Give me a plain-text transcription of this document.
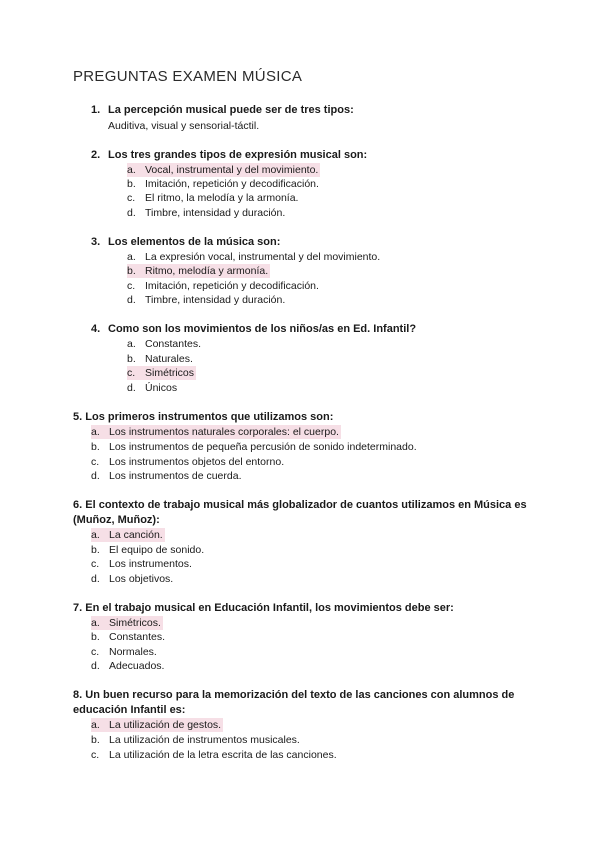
PREGUNTAS EXAMEN MÚSICA
1. La percepción musical puede ser de tres tipos:
Auditiva, visual y sensorial-táctil.
2. Los tres grandes tipos de expresión musical son:
a. Vocal, instrumental y del movimiento.
b. Imitación, repetición y decodificación.
c. El ritmo, la melodía y la armonía.
d. Timbre, intensidad y duración.
3. Los elementos de la música son:
a. La expresión vocal, instrumental y del movimiento.
b. Ritmo, melodía y armonía.
c. Imitación, repetición y decodificación.
d. Timbre, intensidad y duración.
4. Como son los movimientos de los niños/as en Ed. Infantil?
a. Constantes.
b. Naturales.
c. Simétricos
d. Únicos
5. Los primeros instrumentos que utilizamos son:
a. Los instrumentos naturales corporales: el cuerpo.
b. Los instrumentos de pequeña percusión de sonido indeterminado.
c. Los instrumentos objetos del entorno.
d. Los instrumentos de cuerda.
6. El contexto de trabajo musical más globalizador de cuantos utilizamos en Música es (Muñoz, Muñoz):
a. La canción.
b. El equipo de sonido.
c. Los instrumentos.
d. Los objetivos.
7. En el trabajo musical en Educación Infantil, los movimientos debe ser:
a. Simétricos.
b. Constantes.
c. Normales.
d. Adecuados.
8. Un buen recurso para la memorización del texto de las canciones con alumnos de educación Infantil es:
a. La utilización de gestos.
b. La utilización de instrumentos musicales.
c. La utilización de la letra escrita de las canciones.
